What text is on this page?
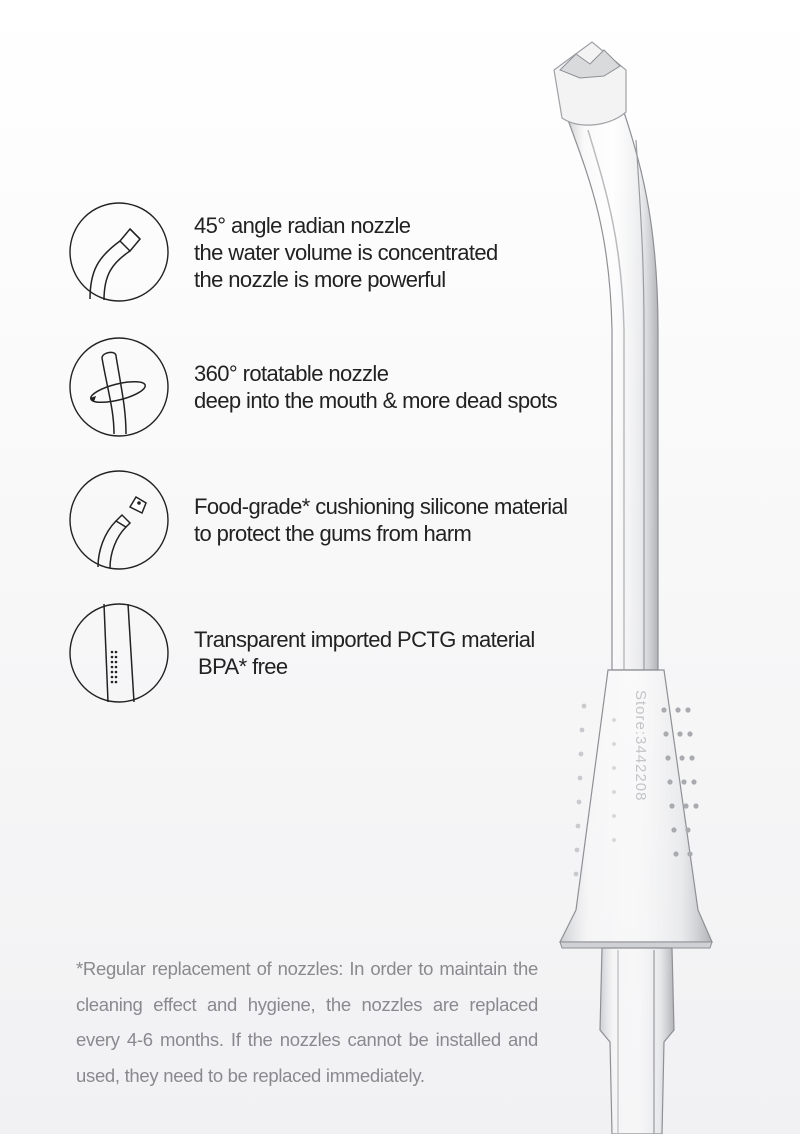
45° angle radian nozzle
the water volume is concentrated
the nozzle is more powerful
360° rotatable nozzle
deep into the mouth & more dead spots
Food-grade* cushioning silicone material
to protect the gums from harm
Transparent imported PCTG material
BPA* free
Store:3442208
*Regular replacement of nozzles: In order to maintain the cleaning effect and hygiene, the nozzles are replaced every 4-6 months. If the nozzles cannot be installed and used, they need to be replaced immediately.
